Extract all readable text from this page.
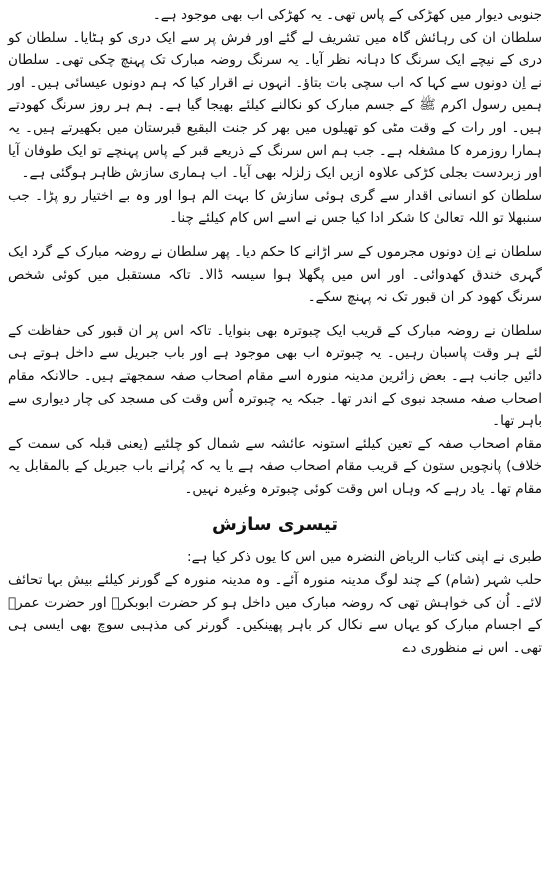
جنوبی دیوار میں کھڑکی کے پاس تھی۔ یہ کھڑکی اب بھی موجود ہے۔

سلطان ان کی رہائش گاہ میں تشریف لے گئے اور فرش پر سے ایک دری کو ہٹایا۔ سلطان کو دری کے نیچے ایک سرنگ کا دہانہ نظر آیا۔ یہ سرنگ روضہ مبارک تک پہنچ چکی تھی۔ سلطان نے اِن دونوں سے کہا کہ اب سچی بات بتاؤ۔ انہوں نے اقرار کیا کہ ہم دونوں عیسائی ہیں۔ اور ہمیں رسول اکرم ﷺ کے جسم مبارک کو نکالنے کیلئے بھیجا گیا ہے۔ ہم ہر روز سرنگ کھودتے ہیں۔ اور رات کے وقت مٹی کو تھیلوں میں بھر کر جنت البقیع قبرستان میں بکھیرتے ہیں۔ یہ ہمارا روزمرہ کا مشغلہ ہے۔ جب ہم اس سرنگ کے ذریعے قبر کے پاس پہنچے تو ایک طوفان آیا اور زبردست بجلی کڑکی علاوہ ازیں ایک زلزلہ بھی آیا۔ اب ہماری سازش ظاہر ہوگئی ہے۔

سلطان کو انسانی اقدار سے گری ہوئی سازش کا بہت الم ہوا اور وہ بے اختیار رو پڑا۔ جب سنبھلا تو اللہ تعالیٰ کا شکر ادا کیا جس نے اسے اس کام کیلئے چنا۔

سلطان نے اِن دونوں مجرموں کے سر اڑانے کا حکم دیا۔ پھر سلطان نے روضہ مبارک کے گرد ایک گہری خندق کھدوائی۔ اور اس میں پگھلا ہوا سیسہ ڈالا۔ تاکہ مستقبل میں کوئی شخص سرنگ کھود کر ان قبور تک نہ پہنچ سکے۔

سلطان نے روضہ مبارک کے قریب ایک چبوترہ بھی بنوایا۔ تاکہ اس پر ان قبور کی حفاظت کے لئے ہر وقت پاسبان رہیں۔ یہ چبوترہ اب بھی موجود ہے اور باب جبریل سے داخل ہوتے ہی دائیں جانب ہے۔ بعض زائرین مدینہ منورہ اسے مقام اصحاب صفہ سمجھتے ہیں۔ حالانکہ مقام اصحاب صفہ مسجد نبوی کے اندر تھا۔ جبکہ یہ چبوترہ اُس وقت کی مسجد کی چار دیواری سے باہر تھا۔

مقام اصحاب صفہ کے تعین کیلئے استونہ عائشہ سے شمال کو چلئیے (یعنی قبلہ کی سمت کے خلاف) پانچویں ستون کے قریب مقام اصحاب صفہ ہے یا یہ کہ پُرانے باب جبریل کے بالمقابل یہ مقام تھا۔ یاد رہے کہ وہاں اس وقت کوئی چبوترہ وغیرہ نہیں۔

تیسری سازش

طبری نے اپنی کتاب الریاض النضرہ میں اس کا یوں ذکر کیا ہے:

حلب شہر (شام) کے چند لوگ مدینہ منورہ آئے۔ وہ مدینہ منورہ کے گورنر کیلئے بیش بہا تحائف لائے۔ اُن کی خواہش تھی کہ روضہ مبارک میں داخل ہو کر حضرت ابوبکرؓ اور حضرت عمرؓ کے اجسام مبارک کو یہاں سے نکال کر باہر پھینکیں۔ گورنر کی مذہبی سوچ بھی ایسی ہی تھی۔ اس نے منظوری دے
